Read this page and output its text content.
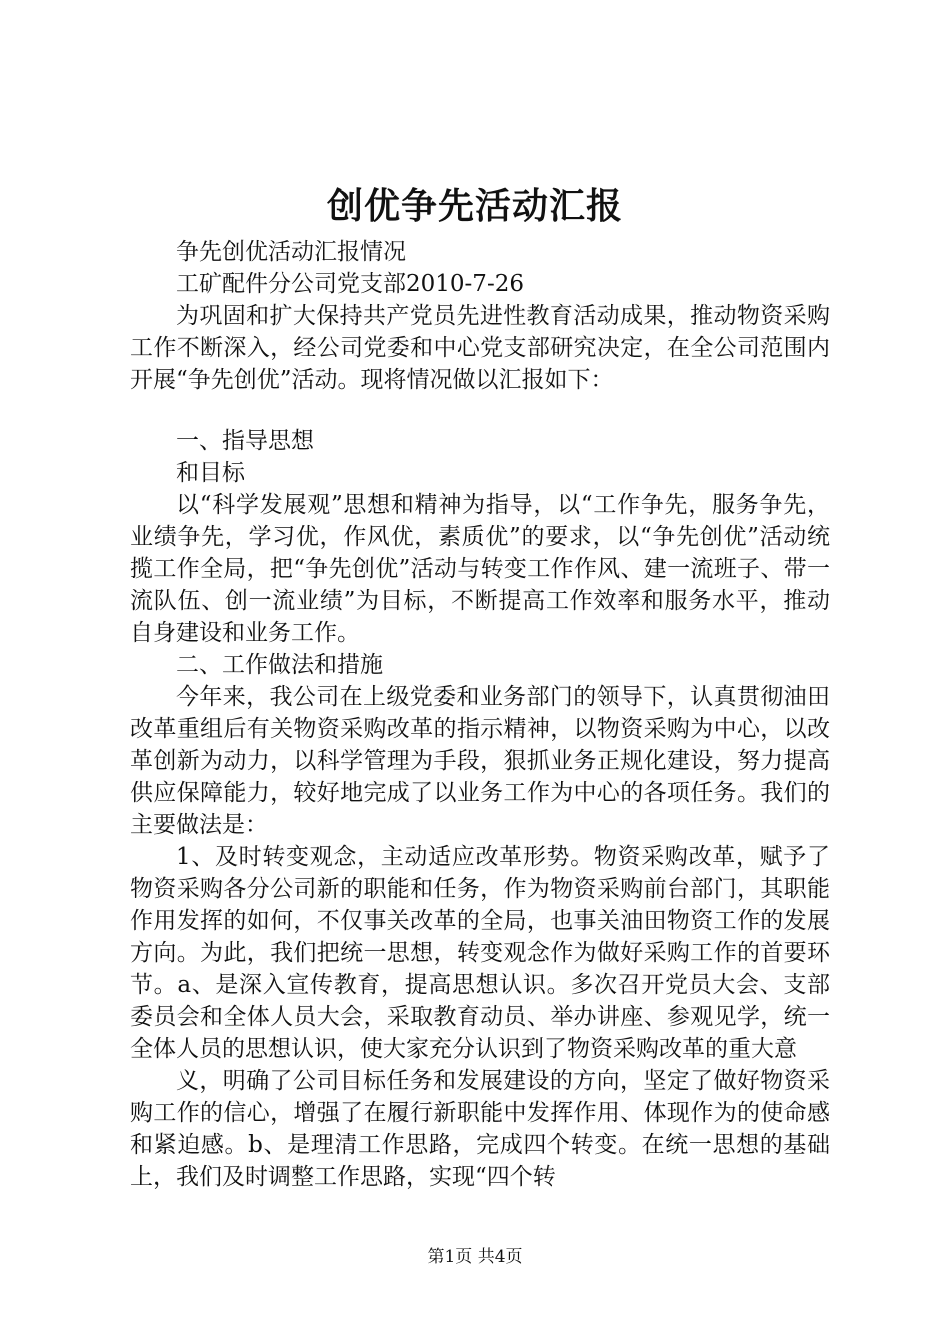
创优争先活动汇报

争先创优活动汇报情况

工矿配件分公司党支部2010-7-26

为巩固和扩大保持共产党员先进性教育活动成果，推动物资采购工作不断深入，经公司党委和中心党支部研究决定，在全公司范围内开展“争先创优”活动。现将情况做以汇报如下：

一、指导思想

和目标

以“科学发展观”思想和精神为指导，以“工作争先，服务争先，业绩争先，学习优，作风优，素质优”的要求，以“争先创优”活动统揽工作全局，把“争先创优”活动与转变工作作风、建一流班子、带一流队伍、创一流业绩”为目标，不断提高工作效率和服务水平，推动自身建设和业务工作。

二、工作做法和措施

今年来，我公司在上级党委和业务部门的领导下，认真贯彻油田改革重组后有关物资采购改革的指示精神，以物资采购为中心，以改革创新为动力，以科学管理为手段，狠抓业务正规化建设，努力提高供应保障能力，较好地完成了以业务工作为中心的各项任务。我们的主要做法是：

1、及时转变观念，主动适应改革形势。物资采购改革，赋予了物资采购各分公司新的职能和任务，作为物资采购前台部门，其职能作用发挥的如何，不仅事关改革的全局，也事关油田物资工作的发展方向。为此，我们把统一思想，转变观念作为做好采购工作的首要环节。a、是深入宣传教育，提高思想认识。多次召开党员大会、支部委员会和全体人员大会，采取教育动员、举办讲座、参观见学，统一全体人员的思想认识，使大家充分认识到了物资采购改革的重大意

义，明确了公司目标任务和发展建设的方向，坚定了做好物资采购工作的信心，增强了在履行新职能中发挥作用、体现作为的使命感和紧迫感。b、是理清工作思路，完成四个转变。在统一思想的基础上，我们及时调整工作思路，实现“四个转

第1页 共4页
